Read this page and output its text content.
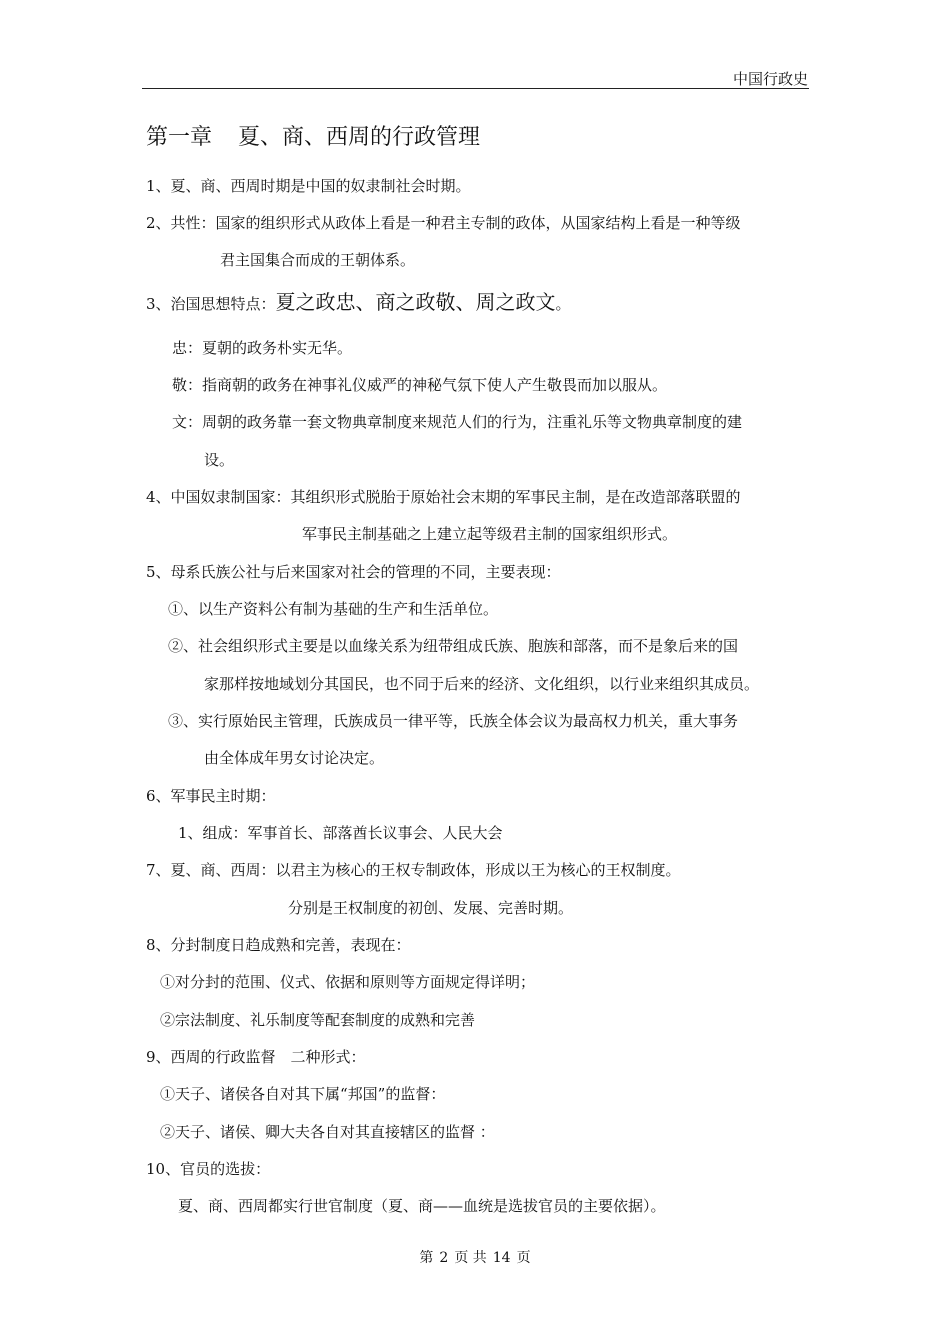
中国行政史
第一章 夏、商、西周的行政管理
1、夏、商、西周时期是中国的奴隶制社会时期。
2、共性：国家的组织形式从政体上看是一种君主专制的政体，从国家结构上看是一种等级
君主国集合而成的王朝体系。
3、治国思想特点：夏之政忠、商之政敬、周之政文。
忠：夏朝的政务朴实无华。
敬：指商朝的政务在神事礼仪威严的神秘气氛下使人产生敬畏而加以服从。
文：周朝的政务靠一套文物典章制度来规范人们的行为，注重礼乐等文物典章制度的建
设。
4、中国奴隶制国家：其组织形式脱胎于原始社会末期的军事民主制，是在改造部落联盟的
军事民主制基础之上建立起等级君主制的国家组织形式。
5、母系氏族公社与后来国家对社会的管理的不同，主要表现：
①、以生产资料公有制为基础的生产和生活单位。
②、社会组织形式主要是以血缘关系为纽带组成氏族、胞族和部落，而不是象后来的国
家那样按地域划分其国民，也不同于后来的经济、文化组织，以行业来组织其成员。
③、实行原始民主管理，氏族成员一律平等，氏族全体会议为最高权力机关，重大事务
由全体成年男女讨论决定。
6、军事民主时期：
1、组成：军事首长、部落酋长议事会、人民大会
7、夏、商、西周：以君主为核心的王权专制政体，形成以王为核心的王权制度。
分别是王权制度的初创、发展、完善时期。
8、分封制度日趋成熟和完善，表现在：
①对分封的范围、仪式、依据和原则等方面规定得详明；
②宗法制度、礼乐制度等配套制度的成熟和完善
9、西周的行政监督　二种形式：
①天子、诸侯各自对其下属“邦国”的监督：
②天子、诸侯、卿大夫各自对其直接辖区的监督 ：
10、官员的选拔：
夏、商、西周都实行世官制度（夏、商——血统是选拔官员的主要依据）。
第 2 页 共 14 页
